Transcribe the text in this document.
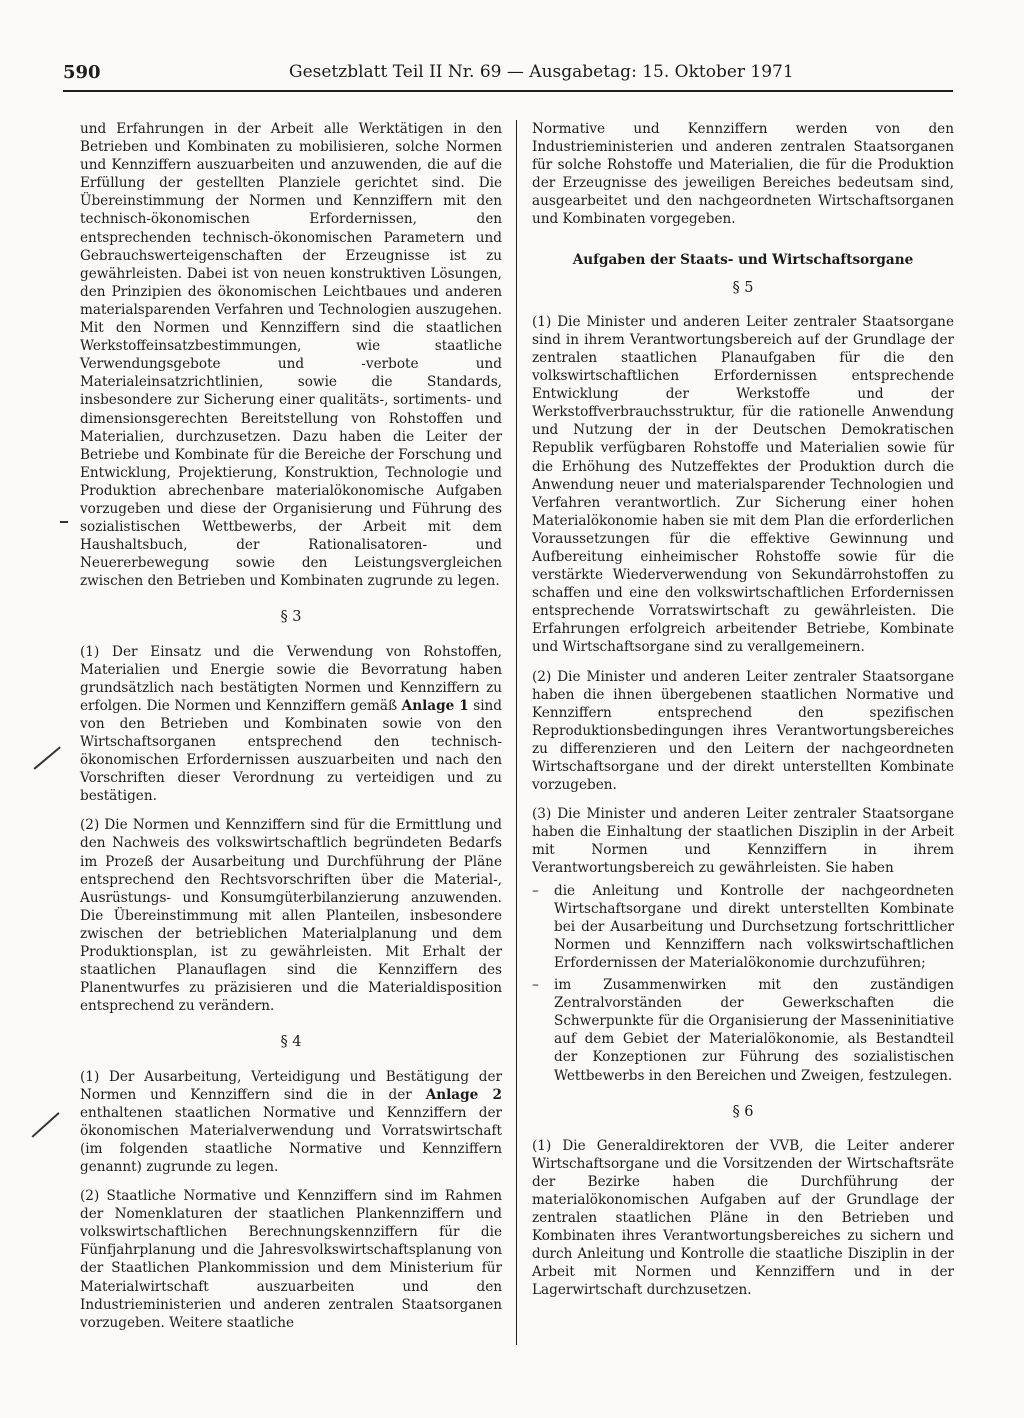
590	Gesetzblatt Teil II Nr. 69 — Ausgabetag: 15. Oktober 1971

und Erfahrungen in der Arbeit alle Werktätigen in den Betrieben und Kombinaten zu mobilisieren, solche Normen und Kennziffern auszuarbeiten und anzuwenden, die auf die Erfüllung der gestellten Planziele gerichtet sind. Die Übereinstimmung der Normen und Kennziffern mit den technisch-ökonomischen Erfordernissen, den entsprechenden technisch-ökonomischen Parametern und Gebrauchswerteigenschaften der Erzeugnisse ist zu gewährleisten. Dabei ist von neuen konstruktiven Lösungen, den Prinzipien des ökonomischen Leichtbaues und anderen materialsparenden Verfahren und Technologien auszugehen. Mit den Normen und Kennziffern sind die staatlichen Werkstoffeinsatzbestimmungen, wie staatliche Verwendungsgebote und -verbote und Materialeinsatzrichtlinien, sowie die Standards, insbesondere zur Sicherung einer qualitäts-, sortiments- und dimensionsgerechten Bereitstellung von Rohstoffen und Materialien, durchzusetzen. Dazu haben die Leiter der Betriebe und Kombinate für die Bereiche der Forschung und Entwicklung, Projektierung, Konstruktion, Technologie und Produktion abrechenbare materialökonomische Aufgaben vorzugeben und diese der Organisierung und Führung des sozialistischen Wettbewerbs, der Arbeit mit dem Haushaltsbuch, der Rationalisatoren- und Neuererbewegung sowie den Leistungsvergleichen zwischen den Betrieben und Kombinaten zugrunde zu legen.

§ 3

(1) Der Einsatz und die Verwendung von Rohstoffen, Materialien und Energie sowie die Bevorratung haben grundsätzlich nach bestätigten Normen und Kennziffern zu erfolgen. Die Normen und Kennziffern gemäß Anlage 1 sind von den Betrieben und Kombinaten sowie von den Wirtschaftsorganen entsprechend den technisch-ökonomischen Erfordernissen auszuarbeiten und nach den Vorschriften dieser Verordnung zu verteidigen und zu bestätigen.

(2) Die Normen und Kennziffern sind für die Ermittlung und den Nachweis des volkswirtschaftlich begründeten Bedarfs im Prozeß der Ausarbeitung und Durchführung der Pläne entsprechend den Rechtsvorschriften über die Material-, Ausrüstungs- und Konsumgüterbilanzierung anzuwenden. Die Übereinstimmung mit allen Planteilen, insbesondere zwischen der betrieblichen Materialplanung und dem Produktionsplan, ist zu gewährleisten. Mit Erhalt der staatlichen Planauflagen sind die Kennziffern des Planentwurfes zu präzisieren und die Materialdisposition entsprechend zu verändern.

§ 4

(1) Der Ausarbeitung, Verteidigung und Bestätigung der Normen und Kennziffern sind die in der Anlage 2 enthaltenen staatlichen Normative und Kennziffern der ökonomischen Materialverwendung und Vorratswirtschaft (im folgenden staatliche Normative und Kennziffern genannt) zugrunde zu legen.

(2) Staatliche Normative und Kennziffern sind im Rahmen der Nomenklaturen der staatlichen Plankennziffern und volkswirtschaftlichen Berechnungskennziffern für die Fünfjahrplanung und die Jahresvolkswirtschaftsplanung von der Staatlichen Plankommission und dem Ministerium für Materialwirtschaft auszuarbeiten und den Industrieministerien und anderen zentralen Staatsorganen vorzugeben. Weitere staatliche

Normative und Kennziffern werden von den Industrieministerien und anderen zentralen Staatsorganen für solche Rohstoffe und Materialien, die für die Produktion der Erzeugnisse des jeweiligen Bereiches bedeutsam sind, ausgearbeitet und den nachgeordneten Wirtschaftsorganen und Kombinaten vorgegeben.

Aufgaben der Staats- und Wirtschaftsorgane
§ 5

(1) Die Minister und anderen Leiter zentraler Staatsorgane sind in ihrem Verantwortungsbereich auf der Grundlage der zentralen staatlichen Planaufgaben für die den volkswirtschaftlichen Erfordernissen entsprechende Entwicklung der Werkstoffe und der Werkstoffverbrauchsstruktur, für die rationelle Anwendung und Nutzung der in der Deutschen Demokratischen Republik verfügbaren Rohstoffe und Materialien sowie für die Erhöhung des Nutzeffektes der Produktion durch die Anwendung neuer und materialsparender Technologien und Verfahren verantwortlich. Zur Sicherung einer hohen Materialökonomie haben sie mit dem Plan die erforderlichen Voraussetzungen für die effektive Gewinnung und Aufbereitung einheimischer Rohstoffe sowie für die verstärkte Wiederverwendung von Sekundärrohstoffen zu schaffen und eine den volkswirtschaftlichen Erfordernissen entsprechende Vorratswirtschaft zu gewährleisten. Die Erfahrungen erfolgreich arbeitender Betriebe, Kombinate und Wirtschaftsorgane sind zu verallgemeinern.

(2) Die Minister und anderen Leiter zentraler Staatsorgane haben die ihnen übergebenen staatlichen Normative und Kennziffern entsprechend den spezifischen Reproduktionsbedingungen ihres Verantwortungsbereiches zu differenzieren und den Leitern der nachgeordneten Wirtschaftsorgane und der direkt unterstellten Kombinate vorzugeben.

(3) Die Minister und anderen Leiter zentraler Staatsorgane haben die Einhaltung der staatlichen Disziplin in der Arbeit mit Normen und Kennziffern in ihrem Verantwortungsbereich zu gewährleisten. Sie haben

– die Anleitung und Kontrolle der nachgeordneten Wirtschaftsorgane und direkt unterstellten Kombinate bei der Ausarbeitung und Durchsetzung fortschrittlicher Normen und Kennziffern nach volkswirtschaftlichen Erfordernissen der Materialökonomie durchzuführen;
– im Zusammenwirken mit den zuständigen Zentralvorständen der Gewerkschaften die Schwerpunkte für die Organisierung der Masseninitiative auf dem Gebiet der Materialökonomie, als Bestandteil der Konzeptionen zur Führung des sozialistischen Wettbewerbs in den Bereichen und Zweigen, festzulegen.
§ 6

(1) Die Generaldirektoren der VVB, die Leiter anderer Wirtschaftsorgane und die Vorsitzenden der Wirtschaftsräte der Bezirke haben die Durchführung der materialökonomischen Aufgaben auf der Grundlage der zentralen staatlichen Pläne in den Betrieben und Kombinaten ihres Verantwortungsbereiches zu sichern und durch Anleitung und Kontrolle die staatliche Disziplin in der Arbeit mit Normen und Kennziffern und in der Lagerwirtschaft durchzusetzen.
